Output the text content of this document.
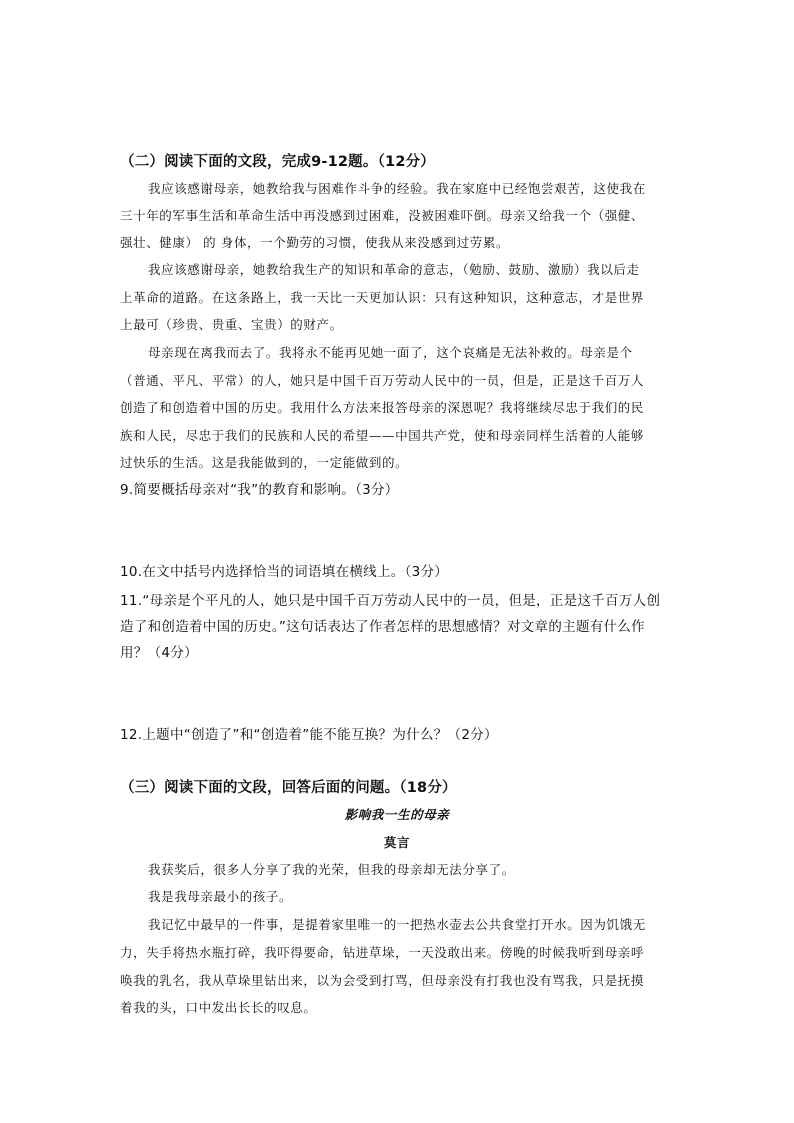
（二）阅读下面的文段，完成9-12题。（12分）
我应该感谢母亲，她教给我与困难作斗争的经验。我在家庭中已经饱尝艰苦，这使我在
三十年的军事生活和革命生活中再没感到过困难，没被困难吓倒。母亲又给我一个（强健、
强壮、健康） 的 身体，一个勤劳的习惯，使我从来没感到过劳累。
我应该感谢母亲，她教给我生产的知识和革命的意志，（勉励、鼓励、激励）我以后走
上革命的道路。在这条路上，我一天比一天更加认识：只有这种知识，这种意志，才是世界
上最可（珍贵、贵重、宝贵）的财产。
母亲现在离我而去了。我将永不能再见她一面了，这个哀痛是无法补救的。母亲是个
（普通、平凡、平常）的人，她只是中国千百万劳动人民中的一员，但是，正是这千百万人
创造了和创造着中国的历史。我用什么方法来报答母亲的深恩呢？我将继续尽忠于我们的民
族和人民，尽忠于我们的民族和人民的希望——中国共产党，使和母亲同样生活着的人能够
过快乐的生活。这是我能做到的，一定能做到的。
9.简要概括母亲对“我”的教育和影响。（3分）
10.在文中括号内选择恰当的词语填在横线上。（3分）
11.“母亲是个平凡的人，她只是中国千百万劳动人民中的一员，但是，正是这千百万人创
造了和创造着中国的历史。”这句话表达了作者怎样的思想感情？对文章的主题有什么作
用？（4分）
12.上题中“创造了”和“创造着”能不能互换？为什么？（2分）
（三）阅读下面的文段，回答后面的问题。（18分）
影响我一生的母亲
莫言
我获奖后，很多人分享了我的光荣，但我的母亲却无法分享了。
我是我母亲最小的孩子。
我记忆中最早的一件事，是提着家里唯一的一把热水壶去公共食堂打开水。因为饥饿无
力，失手将热水瓶打碎，我吓得要命，钻进草垛，一天没敢出来。傍晚的时候我听到母亲呼
唤我的乳名，我从草垛里钻出来，以为会受到打骂，但母亲没有打我也没有骂我，只是抚摸
着我的头，口中发出长长的叹息。
